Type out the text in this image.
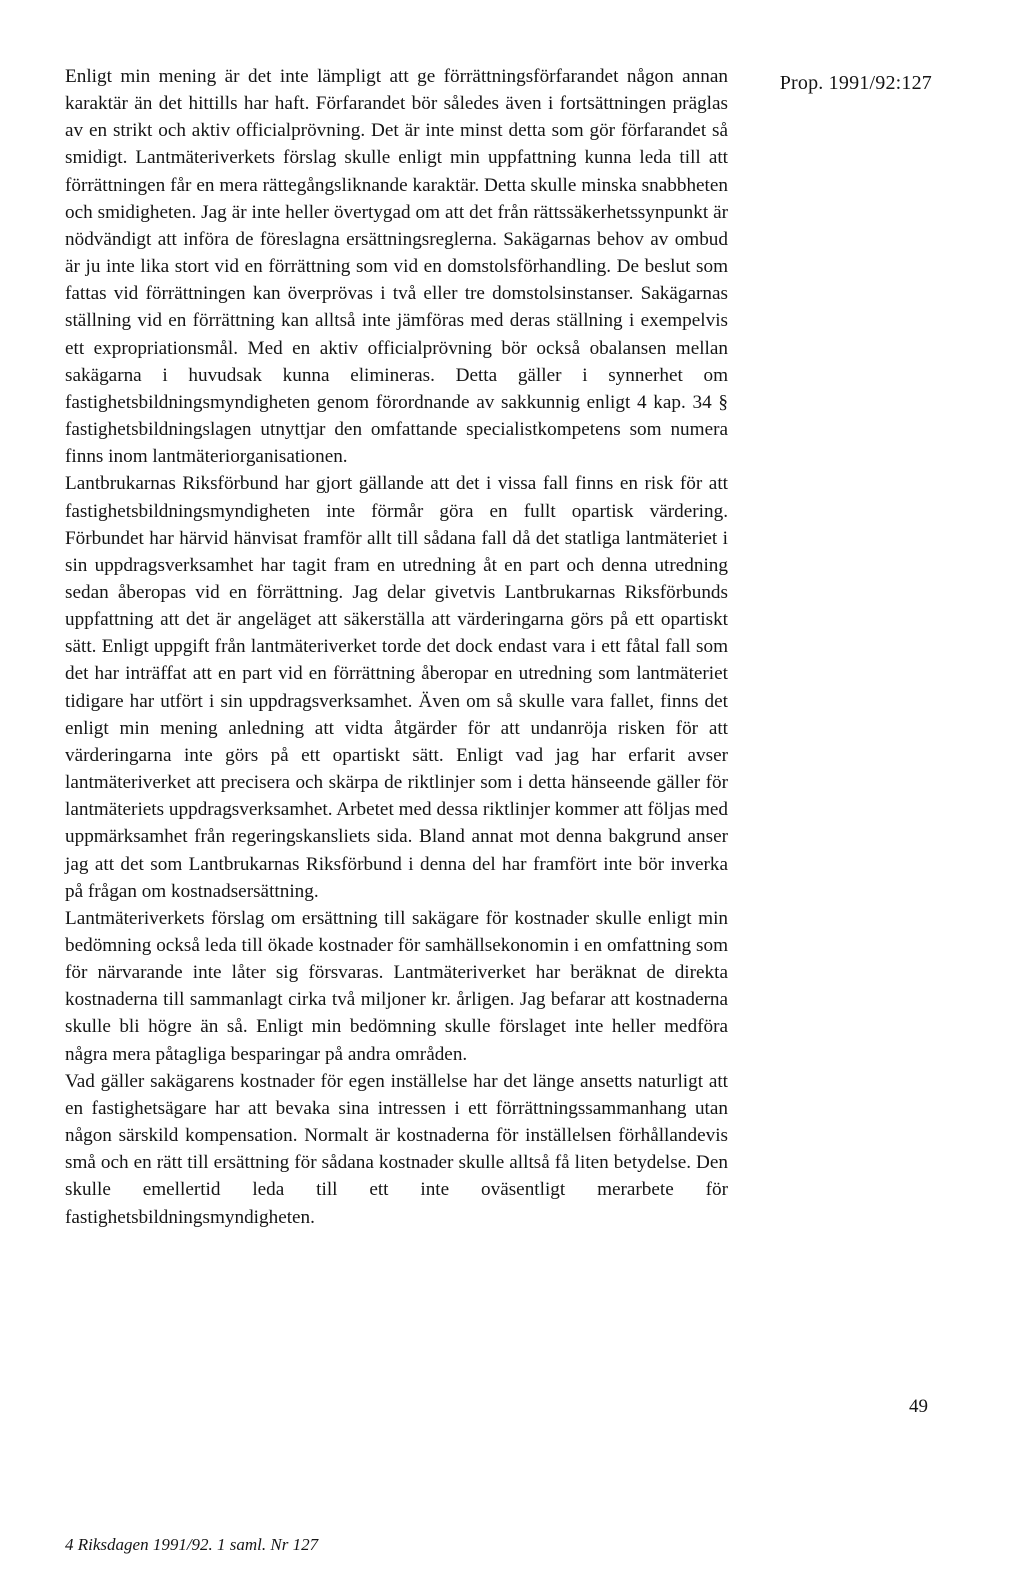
Enligt min mening är det inte lämpligt att ge förrättningsförfarandet någon annan karaktär än det hittills har haft. Förfarandet bör således även i fortsättningen präglas av en strikt och aktiv officialprövning. Det är inte minst detta som gör förfarandet så smidigt. Lantmäteriverkets förslag skulle enligt min uppfattning kunna leda till att förrättningen får en mera rättegångsliknande karaktär. Detta skulle minska snabbheten och smidigheten. Jag är inte heller övertygad om att det från rättssäkerhetssynpunkt är nödvändigt att införa de föreslagna ersättningsreglerna. Sakägarnas behov av ombud är ju inte lika stort vid en förrättning som vid en domstolsförhandling. De beslut som fattas vid förrättningen kan överprövas i två eller tre domstolsinstanser. Sakägarnas ställning vid en förrättning kan alltså inte jämföras med deras ställning i exempelvis ett expropriationsmål. Med en aktiv officialprövning bör också obalansen mellan sakägarna i huvudsak kunna elimineras. Detta gäller i synnerhet om fastighetsbildningsmyndigheten genom förordnande av sakkunnig enligt 4 kap. 34 § fastighetsbildningslagen utnyttjar den omfattande specialistkompetens som numera finns inom lantmäteriorganisationen.

Lantbrukarnas Riksförbund har gjort gällande att det i vissa fall finns en risk för att fastighetsbildningsmyndigheten inte förmår göra en fullt opartisk värdering. Förbundet har härvid hänvisat framför allt till sådana fall då det statliga lantmäteriet i sin uppdragsverksamhet har tagit fram en utredning åt en part och denna utredning sedan åberopas vid en förrättning. Jag delar givetvis Lantbrukarnas Riksförbunds uppfattning att det är angeläget att säkerställa att värderingarna görs på ett opartiskt sätt. Enligt uppgift från lantmäteriverket torde det dock endast vara i ett fåtal fall som det har inträffat att en part vid en förrättning åberopar en utredning som lantmäteriet tidigare har utfört i sin uppdragsverksamhet. Även om så skulle vara fallet, finns det enligt min mening anledning att vidta åtgärder för att undanröja risken för att värderingarna inte görs på ett opartiskt sätt. Enligt vad jag har erfarit avser lantmäteriverket att precisera och skärpa de riktlinjer som i detta hänseende gäller för lantmäteriets uppdragsverksamhet. Arbetet med dessa riktlinjer kommer att följas med uppmärksamhet från regeringskansliets sida. Bland annat mot denna bakgrund anser jag att det som Lantbrukarnas Riksförbund i denna del har framfört inte bör inverka på frågan om kostnadsersättning.

Lantmäteriverkets förslag om ersättning till sakägare för kostnader skulle enligt min bedömning också leda till ökade kostnader för samhällsekonomin i en omfattning som för närvarande inte låter sig försvaras. Lantmäteriverket har beräknat de direkta kostnaderna till sammanlagt cirka två miljoner kr. årligen. Jag befarar att kostnaderna skulle bli högre än så. Enligt min bedömning skulle förslaget inte heller medföra några mera påtagliga besparingar på andra områden.

Vad gäller sakägarens kostnader för egen inställelse har det länge ansetts naturligt att en fastighetsägare har att bevaka sina intressen i ett förrättningssammanhang utan någon särskild kompensation. Normalt är kostnaderna för inställelsen förhållandevis små och en rätt till ersättning för sådana kostnader skulle alltså få liten betydelse. Den skulle emellertid leda till ett inte oväsentligt merarbete för fastighetsbildningsmyndigheten.

Prop. 1991/92:127
49
4 Riksdagen 1991/92. 1 saml. Nr 127
